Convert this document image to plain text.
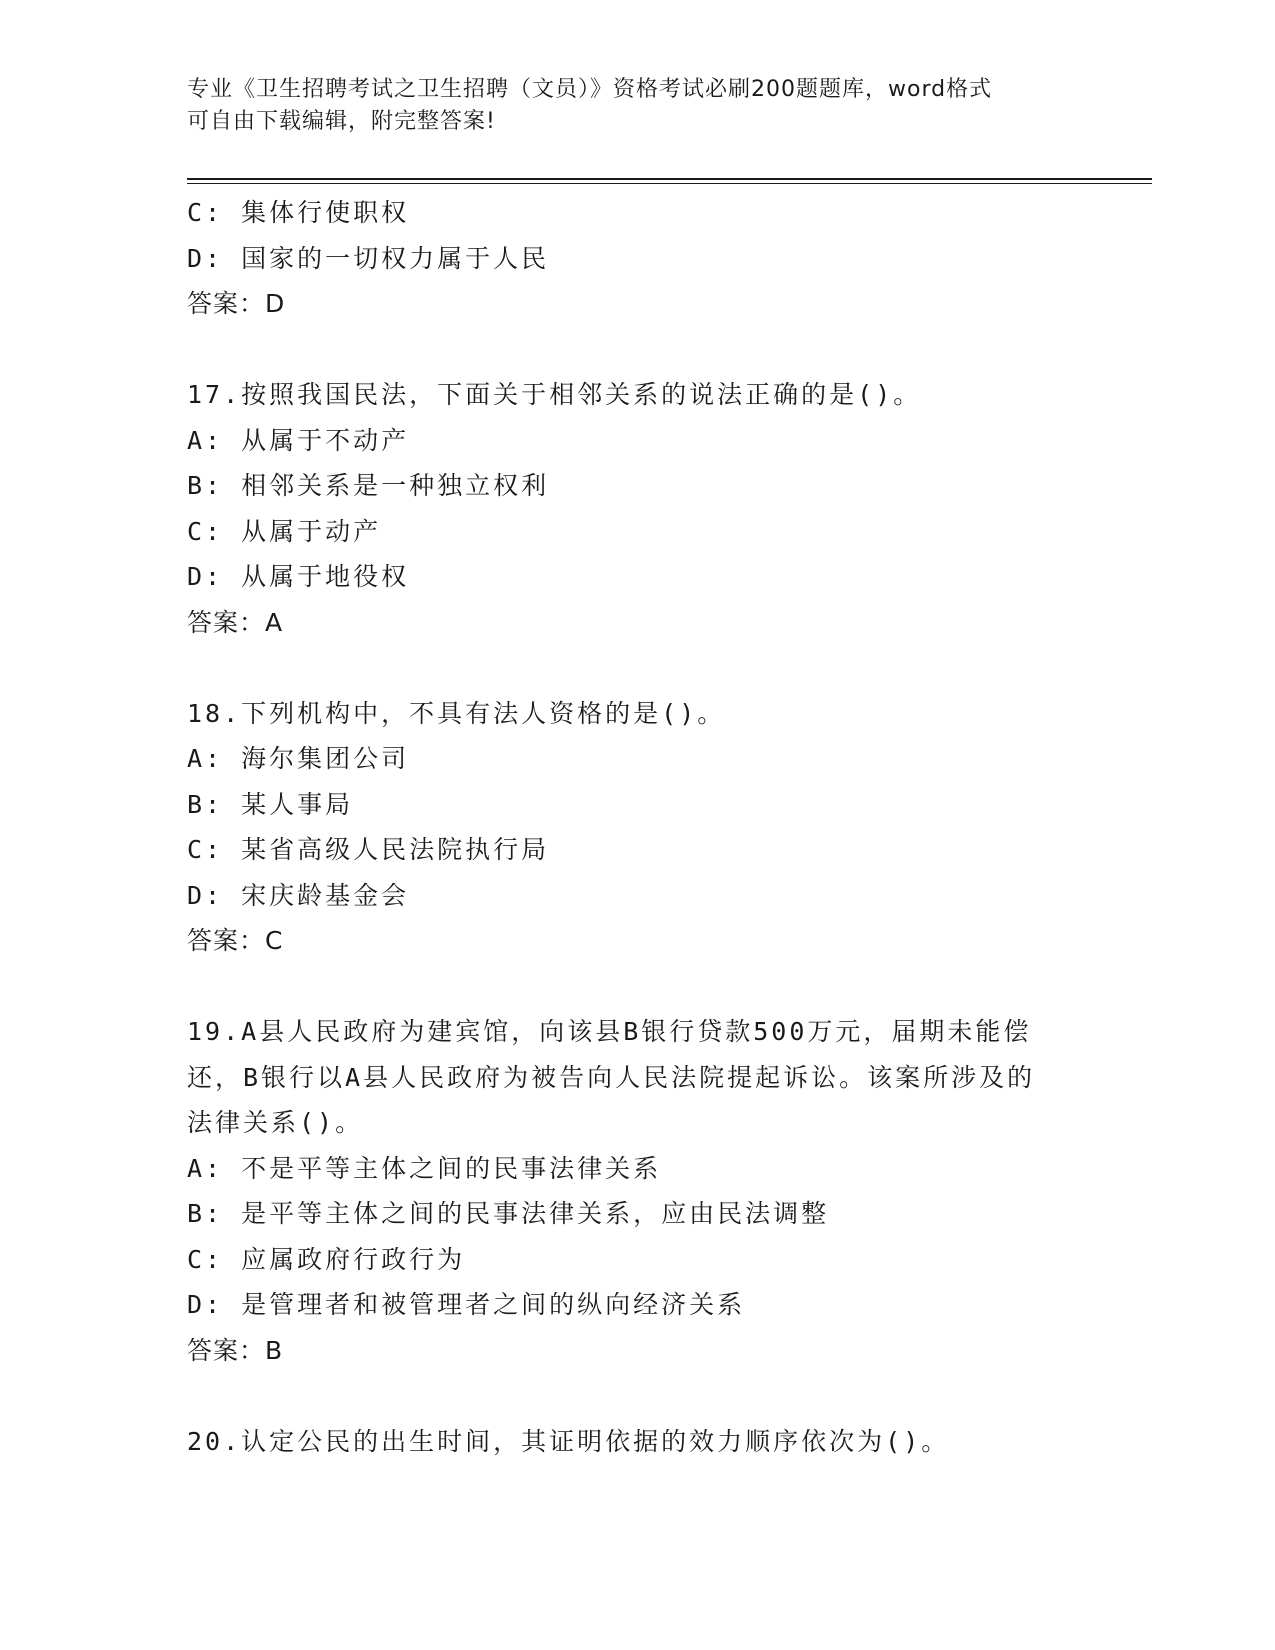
专业《卫生招聘考试之卫生招聘（文员）》资格考试必刷200题题库，word格式
可自由下载编辑，附完整答案!
C: 集体行使职权
D: 国家的一切权力属于人民
答案：D
17.按照我国民法，下面关于相邻关系的说法正确的是()。
A: 从属于不动产
B: 相邻关系是一种独立权利
C: 从属于动产
D: 从属于地役权
答案：A
18.下列机构中，不具有法人资格的是()。
A: 海尔集团公司
B: 某人事局
C: 某省高级人民法院执行局
D: 宋庆龄基金会
答案：C
19.A县人民政府为建宾馆，向该县B银行贷款500万元，届期未能偿
还，B银行以A县人民政府为被告向人民法院提起诉讼。该案所涉及的
法律关系()。
A: 不是平等主体之间的民事法律关系
B: 是平等主体之间的民事法律关系，应由民法调整
C: 应属政府行政行为
D: 是管理者和被管理者之间的纵向经济关系
答案：B
20.认定公民的出生时间，其证明依据的效力顺序依次为()。
